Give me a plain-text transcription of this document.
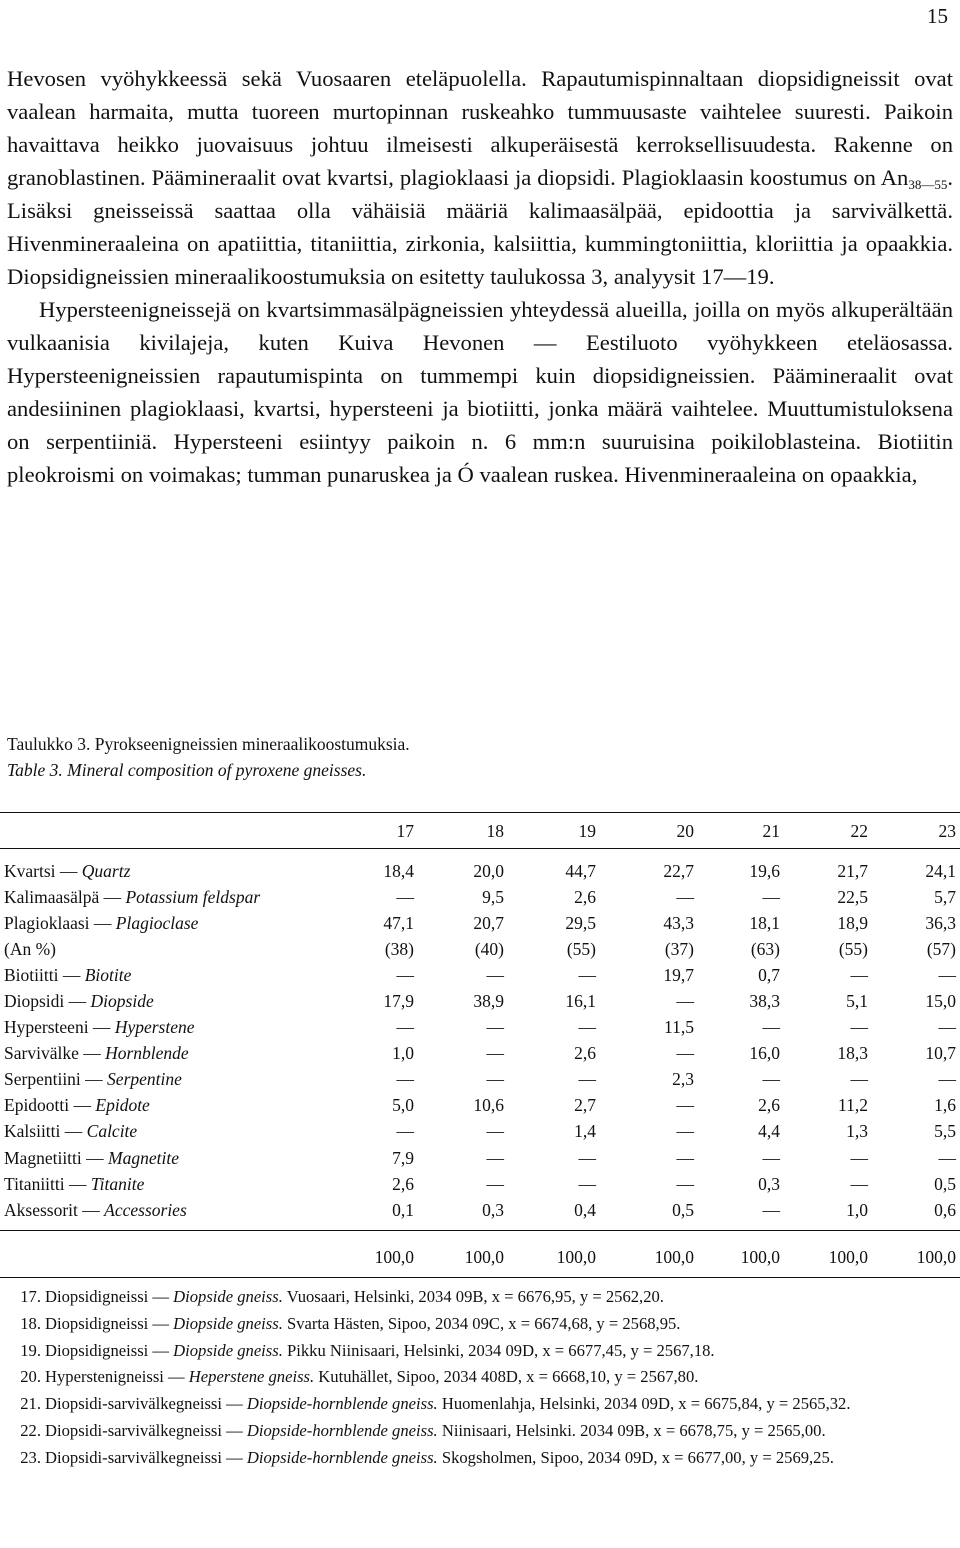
15

Hevosen vyöhykkeessä sekä Vuosaaren eteläpuolella. Rapautumispinnaltaan diopsidigneissit ovat vaalean harmaita, mutta tuoreen murtopinnan ruskeahko tummuusaste vaihtelee suuresti. Paikoin havaittava heikko juovaisuus johtuu ilmeisesti alkuperäisestä kerroksellisuudesta. Rakenne on granoblastinen. Päämineraalit ovat kvartsi, plagioklaasi ja diopsidi. Plagioklaasin koostumus on $An_{38—55}$. Lisäksi gneisseissä saattaa olla vähäisiä määriä kalimaasälpää, epidoottia ja sarvivälkettä. Hivenmineraaleina on apatiittia, titaniittia, zirkonia, kalsiittia, kummingtoniittia, kloriittia ja opaakkia. Diopsidigneissien mineraalikoostumuksia on esitetty taulukossa 3, analyysit 17—19.

Hypersteenigneissejä on kvartsimmasälpägneissien yhteydessä alueilla, joilla on myös alkuperältään vulkaanisia kivilajeja, kuten Kuiva Hevonen — Eestiluoto vyöhykkeen eteläosassa. Hypersteenigneissien rapautumispinta on tummempi kuin diopsidigneissien. Päämineraalit ovat andesiininen plagioklaasi, kvartsi, hypersteeni ja biotiitti, jonka määrä vaihtelee. Muuttumistuloksena on serpentiiniä. Hypersteeni esiintyy paikoin n. 6 mm:n suuruisina poikiloblasteina. Biotiitin pleokroismi on voimakas; tumman punaruskea ja Ó vaalean ruskea. Hivenmineraaleina on opaakkia,

Taulukko 3. Pyrokseenigneissien mineraalikoostumuksia.

Table 3. Mineral composition of pyroxene gneisses.

	17	18	19	20	21	22	23

Kvartsi — Quartz	18,4	20,0	44,7	22,7	19,6	21,7	24,1
Kalimaasälpä — Potassium feldspar	—	9,5	2,6	—	—	22,5	5,7
Plagioklaasi — Plagioclase	47,1	20,7	29,5	43,3	18,1	18,9	36,3
(An %)	(38)	(40)	(55)	(37)	(63)	(55)	(57)
Biotiitti — Biotite	—	—	—	19,7	0,7	—	—
Diopsidi — Diopside	17,9	38,9	16,1	—	38,3	5,1	15,0
Hypersteeni — Hyperstene	—	—	—	11,5	—	—	—
Sarvivälke — Hornblende	1,0	—	2,6	—	16,0	18,3	10,7
Serpentiini — Serpentine	—	—	—	2,3	—	—	—
Epidootti — Epidote	5,0	10,6	2,7	—	2,6	11,2	1,6
Kalsiitti — Calcite	—	—	1,4	—	4,4	1,3	5,5
Magnetiitti — Magnetite	7,9	—	—	—	—	—	—
Titaniitti — Titanite	2,6	—	—	—	0,3	—	0,5
Aksessorit — Accessories	0,1	0,3	0,4	0,5	—	1,0	0,6

	100,0	100,0	100,0	100,0	100,0	100,0	100,0
17. Diopsidigneissi — Diopside gneiss. Vuosaari, Helsinki, 2034 09B, x = 6676,95, y = 2562,20.
18. Diopsidigneissi — Diopside gneiss. Svarta Hästen, Sipoo, 2034 09C, x = 6674,68, y = 2568,95.
19. Diopsidigneissi — Diopside gneiss. Pikku Niinisaari, Helsinki, 2034 09D, x = 6677,45, y = 2567,18.
20. Hyperstenigneissi — Heperstene gneiss. Kutuhället, Sipoo, 2034 408D, x = 6668,10, y = 2567,80.
21. Diopsidi-sarvivälkegneissi — Diopside-hornblende gneiss. Huomenlahja, Helsinki, 2034 09D, x = 6675,84, y = 2565,32.
22. Diopsidi-sarvivälkegneissi — Diopside-hornblende gneiss. Niinisaari, Helsinki. 2034 09B, x = 6678,75, y = 2565,00.
23. Diopsidi-sarvivälkegneissi — Diopside-hornblende gneiss. Skogsholmen, Sipoo, 2034 09D, x = 6677,00, y = 2569,25.
